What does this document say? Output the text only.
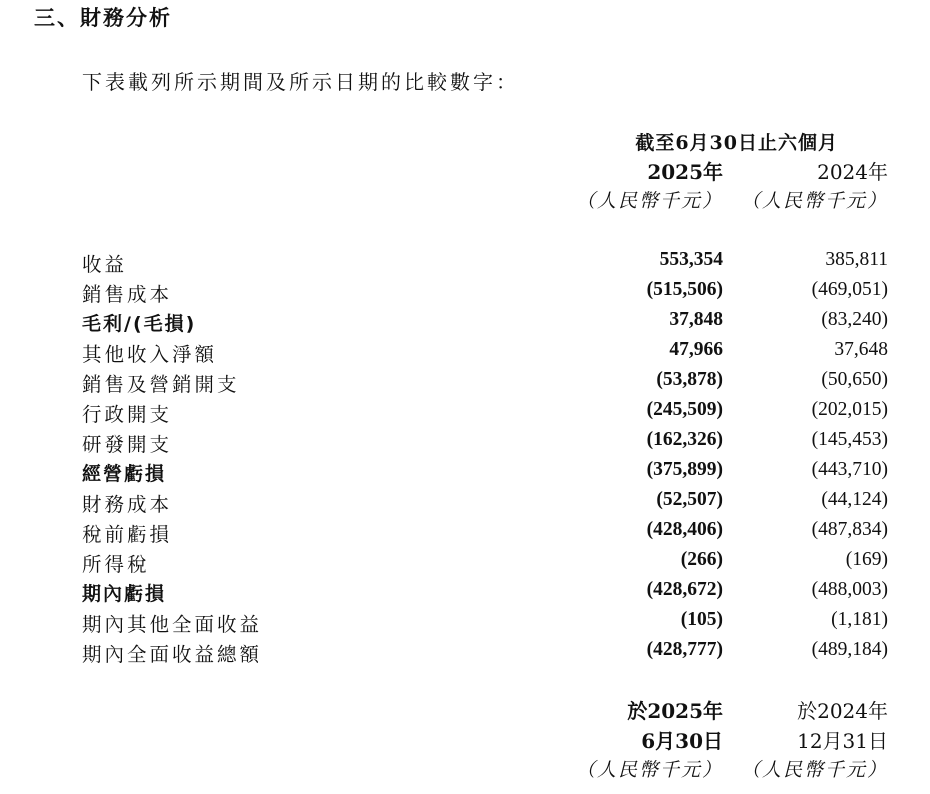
三、財務分析
下表載列所示期間及所示日期的比較數字：
截至6月30日止六個月
2025年	2024年
（人民幣千元） （人民幣千元）
收益	553,354	385,811
銷售成本	(515,506)	(469,051)
毛利/(毛損)	37,848	(83,240)
其他收入淨額	47,966	37,648
銷售及營銷開支	(53,878)	(50,650)
行政開支	(245,509)	(202,015)
研發開支	(162,326)	(145,453)
經營虧損	(375,899)	(443,710)
財務成本	(52,507)	(44,124)
稅前虧損	(428,406)	(487,834)
所得稅	(266)	(169)
期內虧損	(428,672)	(488,003)
期內其他全面收益	(105)	(1,181)
期內全面收益總額	(428,777)	(489,184)
於2025年	於2024年
6月30日	12月31日
（人民幣千元） （人民幣千元）
